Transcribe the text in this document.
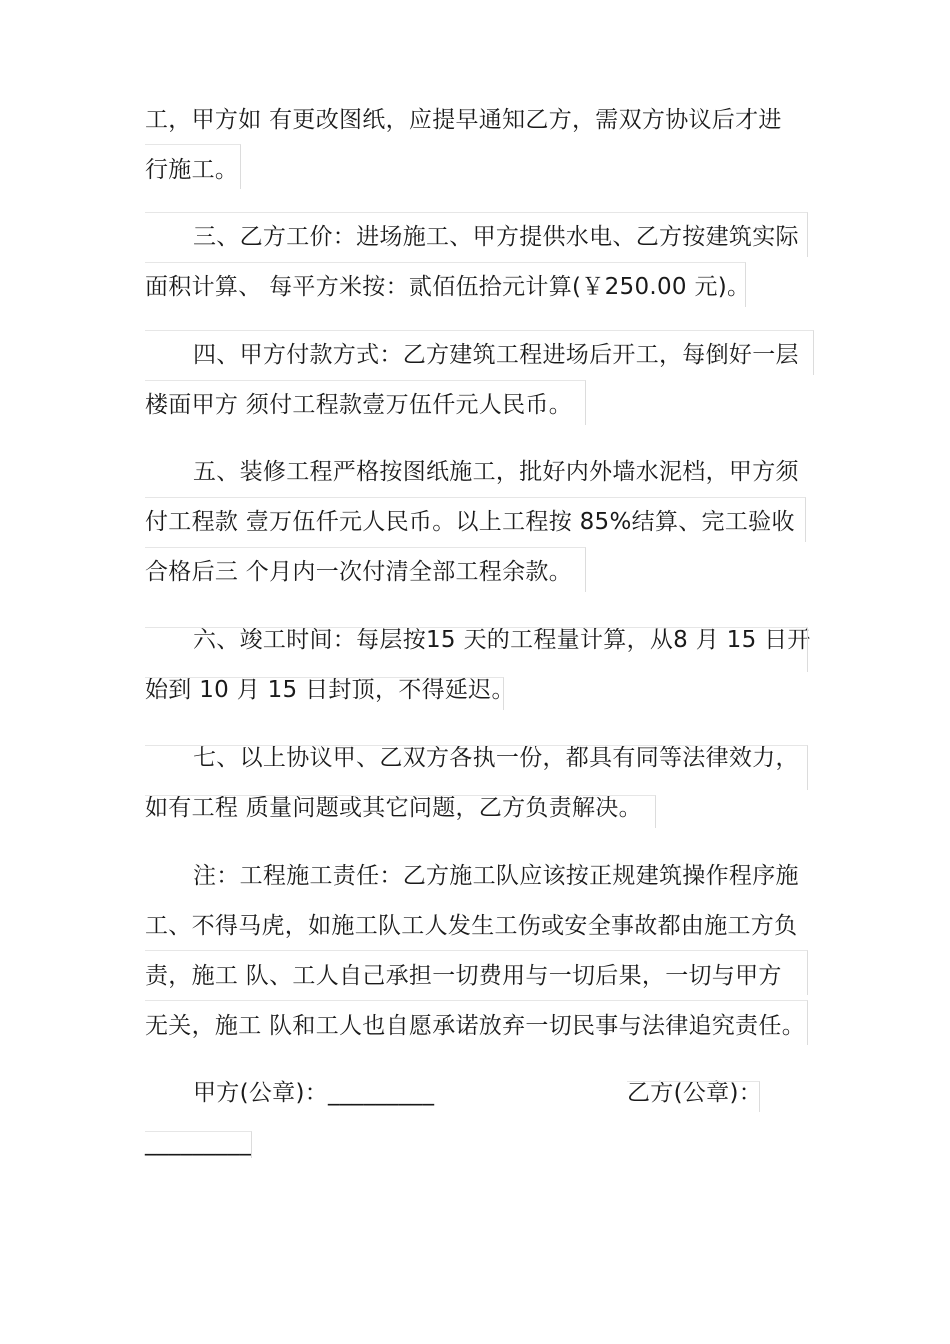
工，甲方如 有更改图纸，应提早通知乙方，需双方协议后才进
行施工。
三、乙方工价：进场施工、甲方提供水电、乙方按建筑实际
面积计算、 每平方米按：贰佰伍拾元计算(￥250.00 元)。
四、甲方付款方式：乙方建筑工程进场后开工，每倒好一层
楼面甲方 须付工程款壹万伍仟元人民币。
五、装修工程严格按图纸施工，批好内外墙水泥档，甲方须
付工程款 壹万伍仟元人民币。以上工程按 85%结算、完工验收
合格后三 个月内一次付清全部工程余款。
六、竣工时间：每层按15 天的工程量计算，从8 月 15 日开
始到 10 月 15 日封顶，不得延迟。
七、以上协议甲、乙双方各执一份，都具有同等法律效力，
如有工程 质量问题或其它问题，乙方负责解决。
注：工程施工责任：乙方施工队应该按正规建筑操作程序施
工、不得马虎，如施工队工人发生工伤或安全事故都由施工方负
责，施工 队、工人自己承担一切费用与一切后果，一切与甲方
无关，施工 队和工人也自愿承诺放弃一切民事与法律追究责任。
甲方(公章)：_________	乙方(公章)：
_________
